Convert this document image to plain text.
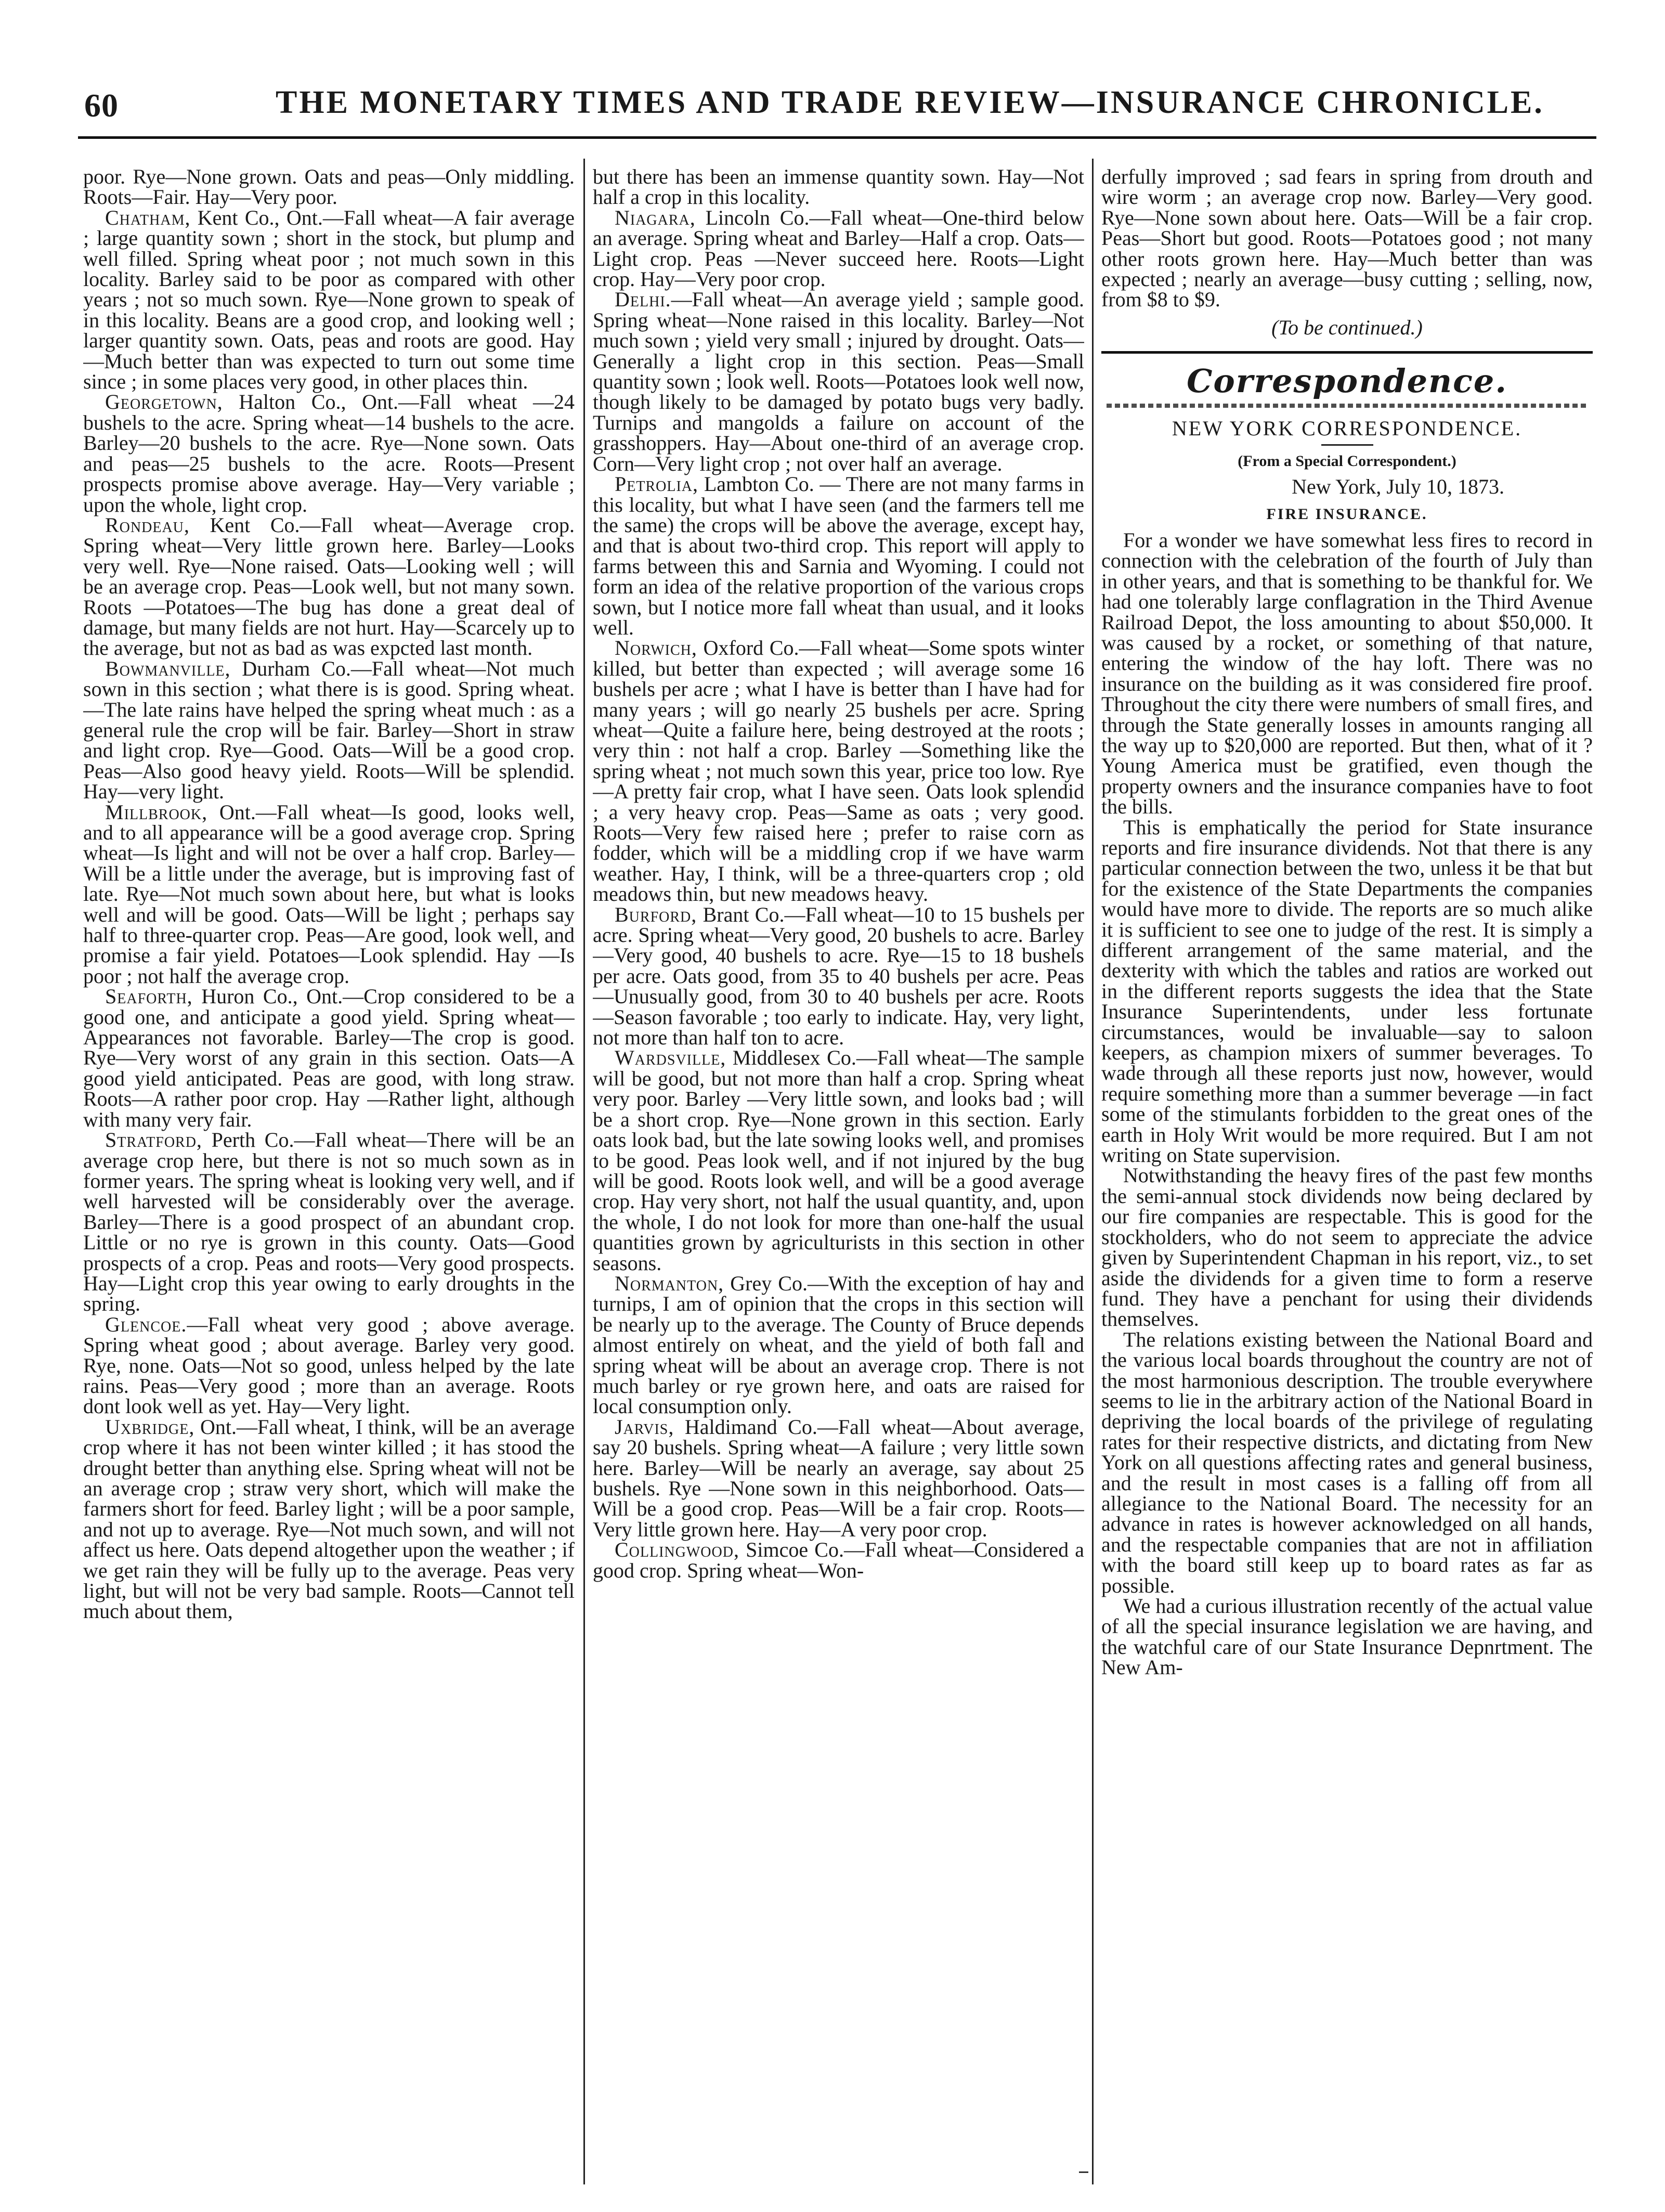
60	THE MONETARY TIMES AND TRADE REVIEW—INSURANCE CHRONICLE.

poor. Rye—None grown. Oats and peas—Only middling. Roots—Fair. Hay—Very poor.

Chatham, Kent Co., Ont.—Fall wheat—A fair average ; large quantity sown ; short in the stock, but plump and well filled. Spring wheat poor ; not much sown in this locality. Barley said to be poor as compared with other years ; not so much sown. Rye—None grown to speak of in this locality. Beans are a good crop, and looking well ; larger quantity sown. Oats, peas and roots are good. Hay—Much better than was expected to turn out some time since ; in some places very good, in other places thin.

Georgetown, Halton Co., Ont.—Fall wheat —24 bushels to the acre. Spring wheat—14 bushels to the acre. Barley—20 bushels to the acre. Rye—None sown. Oats and peas—25 bushels to the acre. Roots—Present prospects promise above average. Hay—Very variable ; upon the whole, light crop.

Rondeau, Kent Co.—Fall wheat—Average crop. Spring wheat—Very little grown here. Barley—Looks very well. Rye—None raised. Oats—Looking well ; will be an average crop. Peas—Look well, but not many sown. Roots —Potatoes—The bug has done a great deal of damage, but many fields are not hurt. Hay—Scarcely up to the average, but not as bad as was expcted last month.

Bowmanville, Durham Co.—Fall wheat—Not much sown in this section ; what there is is good. Spring wheat.—The late rains have helped the spring wheat much : as a general rule the crop will be fair. Barley—Short in straw and light crop. Rye—Good. Oats—Will be a good crop. Peas—Also good heavy yield. Roots—Will be splendid. Hay—very light.

Millbrook, Ont.—Fall wheat—Is good, looks well, and to all appearance will be a good average crop. Spring wheat—Is light and will not be over a half crop. Barley—Will be a little under the average, but is improving fast of late. Rye—Not much sown about here, but what is looks well and will be good. Oats—Will be light ; perhaps say half to three-quarter crop. Peas—Are good, look well, and promise a fair yield. Potatoes—Look splendid. Hay —Is poor ; not half the average crop.

Seaforth, Huron Co., Ont.—Crop considered to be a good one, and anticipate a good yield. Spring wheat—Appearances not favorable. Barley—The crop is good. Rye—Very worst of any grain in this section. Oats—A good yield anticipated. Peas are good, with long straw. Roots—A rather poor crop. Hay —Rather light, although with many very fair.

Stratford, Perth Co.—Fall wheat—There will be an average crop here, but there is not so much sown as in former years. The spring wheat is looking very well, and if well harvested will be considerably over the average. Barley—There is a good prospect of an abundant crop. Little or no rye is grown in this county. Oats—Good prospects of a crop. Peas and roots—Very good prospects. Hay—Light crop this year owing to early droughts in the spring.

Glencoe.—Fall wheat very good ; above average. Spring wheat good ; about average. Barley very good. Rye, none. Oats—Not so good, unless helped by the late rains. Peas—Very good ; more than an average. Roots dont look well as yet. Hay—Very light.

Uxbridge, Ont.—Fall wheat, I think, will be an average crop where it has not been winter killed ; it has stood the drought better than anything else. Spring wheat will not be an average crop ; straw very short, which will make the farmers short for feed. Barley light ; will be a poor sample, and not up to average. Rye—Not much sown, and will not affect us here. Oats depend altogether upon the weather ; if we get rain they will be fully up to the average. Peas very light, but will not be very bad sample. Roots—Cannot tell much about them,

but there has been an immense quantity sown. Hay—Not half a crop in this locality.

Niagara, Lincoln Co.—Fall wheat—One-third below an average. Spring wheat and Barley—Half a crop. Oats—Light crop. Peas —Never succeed here. Roots—Light crop. Hay—Very poor crop.

Delhi.—Fall wheat—An average yield ; sample good. Spring wheat—None raised in this locality. Barley—Not much sown ; yield very small ; injured by drought. Oats—Generally a light crop in this section. Peas—Small quantity sown ; look well. Roots—Potatoes look well now, though likely to be damaged by potato bugs very badly. Turnips and mangolds a failure on account of the grasshoppers. Hay—About one-third of an average crop. Corn—Very light crop ; not over half an average.

Petrolia, Lambton Co. — There are not many farms in this locality, but what I have seen (and the farmers tell me the same) the crops will be above the average, except hay, and that is about two-third crop. This report will apply to farms between this and Sarnia and Wyoming. I could not form an idea of the relative proportion of the various crops sown, but I notice more fall wheat than usual, and it looks well.

Norwich, Oxford Co.—Fall wheat—Some spots winter killed, but better than expected ; will average some 16 bushels per acre ; what I have is better than I have had for many years ; will go nearly 25 bushels per acre. Spring wheat—Quite a failure here, being destroyed at the roots ; very thin : not half a crop. Barley —Something like the spring wheat ; not much sown this year, price too low. Rye—A pretty fair crop, what I have seen. Oats look splendid ; a very heavy crop. Peas—Same as oats ; very good. Roots—Very few raised here ; prefer to raise corn as fodder, which will be a middling crop if we have warm weather. Hay, I think, will be a three-quarters crop ; old meadows thin, but new meadows heavy.

Burford, Brant Co.—Fall wheat—10 to 15 bushels per acre. Spring wheat—Very good, 20 bushels to acre. Barley—Very good, 40 bushels to acre. Rye—15 to 18 bushels per acre. Oats good, from 35 to 40 bushels per acre. Peas—Unusually good, from 30 to 40 bushels per acre. Roots—Season favorable ; too early to indicate. Hay, very light, not more than half ton to acre.

Wardsville, Middlesex Co.—Fall wheat—The sample will be good, but not more than half a crop. Spring wheat very poor. Barley —Very little sown, and looks bad ; will be a short crop. Rye—None grown in this section. Early oats look bad, but the late sowing looks well, and promises to be good. Peas look well, and if not injured by the bug will be good. Roots look well, and will be a good average crop. Hay very short, not half the usual quantity, and, upon the whole, I do not look for more than one-half the usual quantities grown by agriculturists in this section in other seasons.

Normanton, Grey Co.—With the exception of hay and turnips, I am of opinion that the crops in this section will be nearly up to the average. The County of Bruce depends almost entirely on wheat, and the yield of both fall and spring wheat will be about an average crop. There is not much barley or rye grown here, and oats are raised for local consumption only.

Jarvis, Haldimand Co.—Fall wheat—About average, say 20 bushels. Spring wheat—A failure ; very little sown here. Barley—Will be nearly an average, say about 25 bushels. Rye —None sown in this neighborhood. Oats—Will be a good crop. Peas—Will be a fair crop. Roots—Very little grown here. Hay—A very poor crop.

Collingwood, Simcoe Co.—Fall wheat—Considered a good crop. Spring wheat—Won-

derfully improved ; sad fears in spring from drouth and wire worm ; an average crop now. Barley—Very good. Rye—None sown about here. Oats—Will be a fair crop. Peas—Short but good. Roots—Potatoes good ; not many other roots grown here. Hay—Much better than was expected ; nearly an average—busy cutting ; selling, now, from $8 to $9.

(To be continued.)

Correspondence.
NEW YORK CORRESPONDENCE.
(From a Special Correspondent.)
New York, July 10, 1873.
FIRE INSURANCE.

For a wonder we have somewhat less fires to record in connection with the celebration of the fourth of July than in other years, and that is something to be thankful for. We had one tolerably large conflagration in the Third Avenue Railroad Depot, the loss amounting to about $50,000. It was caused by a rocket, or something of that nature, entering the window of the hay loft. There was no insurance on the building as it was considered fire proof. Throughout the city there were numbers of small fires, and through the State generally losses in amounts ranging all the way up to $20,000 are reported. But then, what of it ? Young America must be gratified, even though the property owners and the insurance companies have to foot the bills.

This is emphatically the period for State insurance reports and fire insurance dividends. Not that there is any particular connection between the two, unless it be that but for the existence of the State Departments the companies would have more to divide. The reports are so much alike it is sufficient to see one to judge of the rest. It is simply a different arrangement of the same material, and the dexterity with which the tables and ratios are worked out in the different reports suggests the idea that the State Insurance Superintendents, under less fortunate circumstances, would be invaluable—say to saloon keepers, as champion mixers of summer beverages. To wade through all these reports just now, however, would require something more than a summer beverage —in fact some of the stimulants forbidden to the great ones of the earth in Holy Writ would be more required. But I am not writing on State supervision.

Notwithstanding the heavy fires of the past few months the semi-annual stock dividends now being declared by our fire companies are respectable. This is good for the stockholders, who do not seem to appreciate the advice given by Superintendent Chapman in his report, viz., to set aside the dividends for a given time to form a reserve fund. They have a penchant for using their dividends themselves.

The relations existing between the National Board and the various local boards throughout the country are not of the most harmonious description. The trouble everywhere seems to lie in the arbitrary action of the National Board in depriving the local boards of the privilege of regulating rates for their respective districts, and dictating from New York on all questions affecting rates and general business, and the result in most cases is a falling off from all allegiance to the National Board. The necessity for an advance in rates is however acknowledged on all hands, and the respectable companies that are not in affiliation with the board still keep up to board rates as far as possible.

We had a curious illustration recently of the actual value of all the special insurance legislation we are having, and the watchful care of our State Insurance Depnrtment. The New Am-
